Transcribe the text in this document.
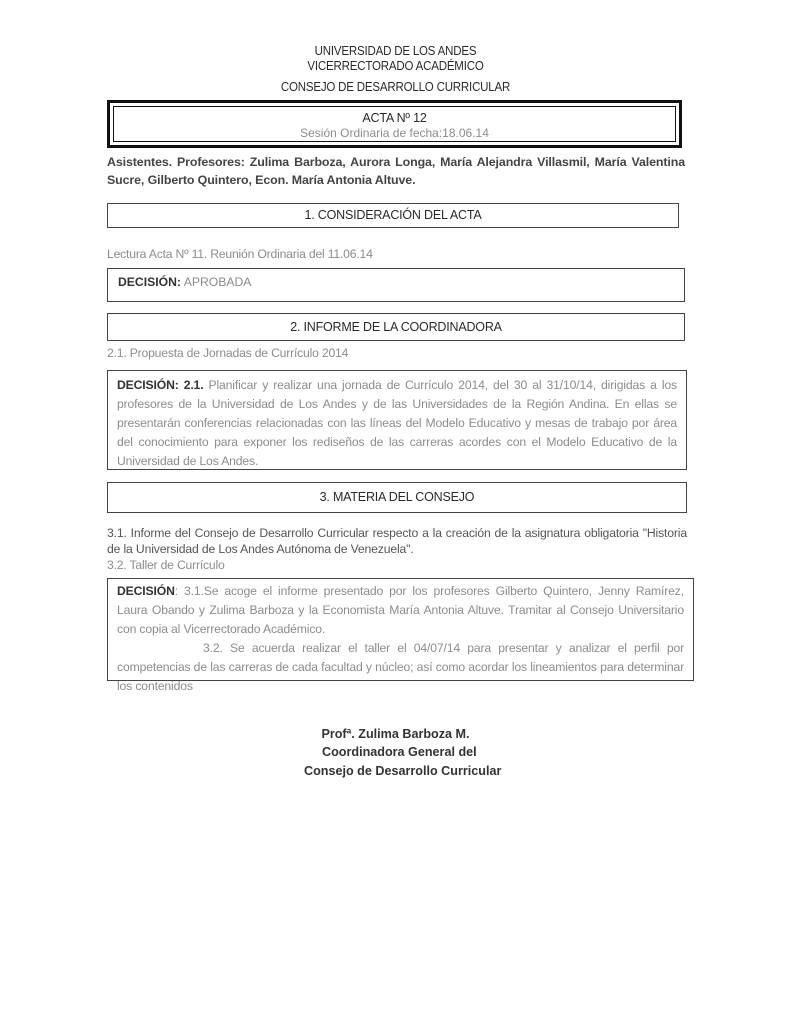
UNIVERSIDAD DE LOS ANDES
VICERRECTORADO ACADÉMICO
CONSEJO DE DESARROLLO CURRICULAR
ACTA Nº 12
Sesión Ordinaria de fecha:18.06.14
Asistentes. Profesores: Zulima Barboza, Aurora Longa, María Alejandra Villasmil, María Valentina Sucre, Gilberto Quintero, Econ. María Antonia Altuve.
1. CONSIDERACIÓN DEL ACTA
Lectura Acta Nº 11. Reunión Ordinaria del 11.06.14
DECISIÓN: APROBADA
2. INFORME DE LA COORDINADORA
2.1. Propuesta de Jornadas de Currículo 2014

DECISIÓN: 2.1. Planificar y realizar una jornada de Currículo 2014, del 30 al 31/10/14, dirigidas a los profesores de la Universidad de Los Andes y de las Universidades de la Región Andina. En ellas se presentarán conferencias relacionadas con las líneas del Modelo Educativo y mesas de trabajo por área del conocimiento para exponer los rediseños de las carreras acordes con el Modelo Educativo de la Universidad de Los Andes.

3. MATERIA DEL CONSEJO
3.1. Informe del Consejo de Desarrollo Curricular respecto a la creación de la asignatura obligatoria "Historia de la Universidad de Los Andes Autónoma de Venezuela".
3.2. Taller de Currículo

DECISIÓN: 3.1.Se acoge el informe presentado por los profesores Gilberto Quintero, Jenny Ramírez, Laura Obando y Zulima Barboza y la Economista María Antonia Altuve. Tramitar al Consejo Universitario con copia al Vicerrectorado Académico.

3.2. Se acuerda realizar el taller el 04/07/14 para presentar y analizar el perfil por competencias de las carreras de cada facultad y núcleo; así como acordar los lineamientos para determinar los contenidos

Profª. Zulima Barboza M.
Coordinadora General del
Consejo de Desarrollo Curricular
